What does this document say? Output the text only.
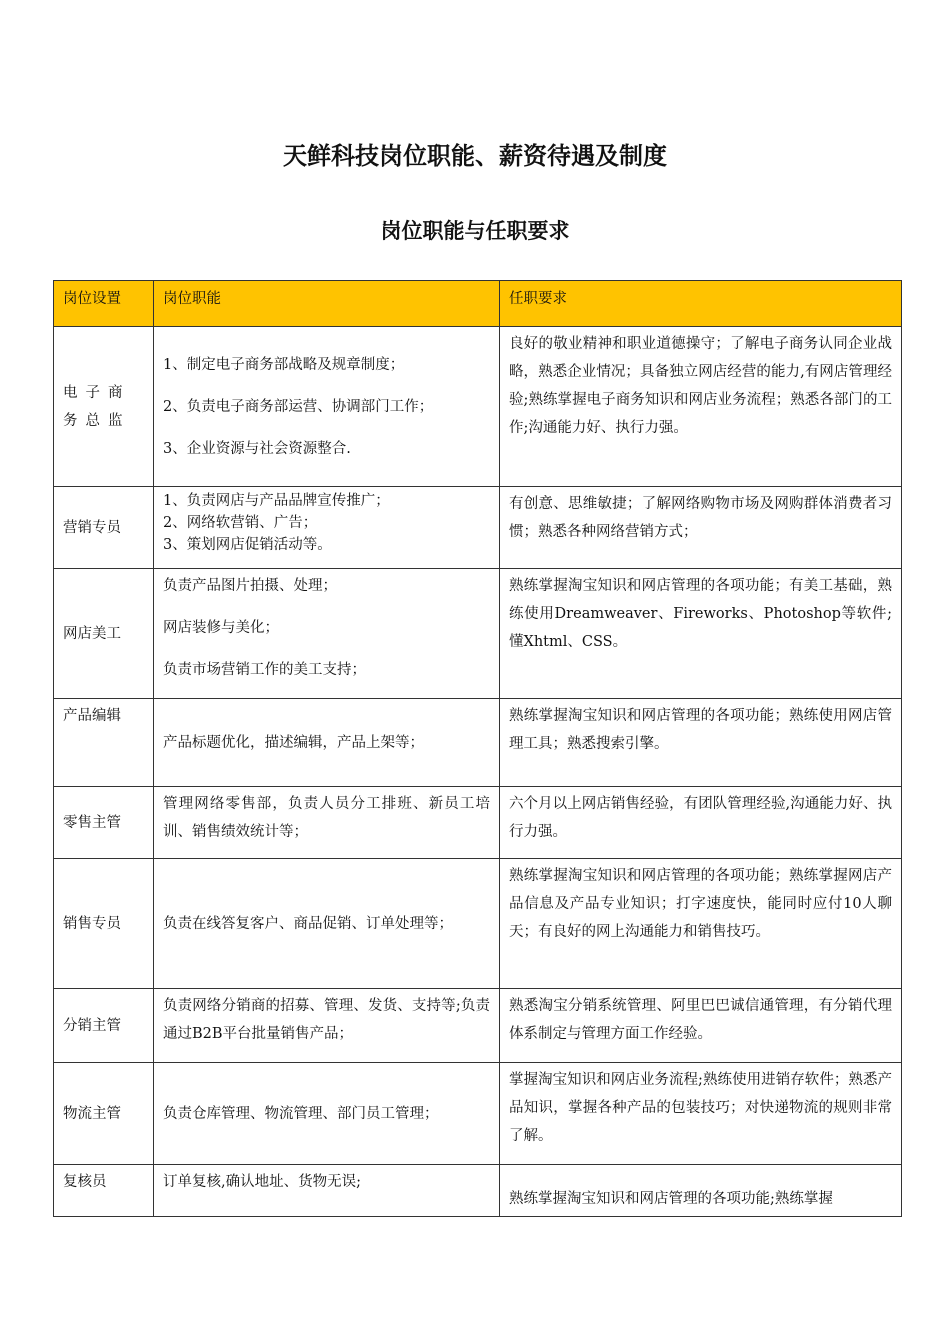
天鲜科技岗位职能、薪资待遇及制度
岗位职能与任职要求
岗位设置	岗位职能	任职要求
电子商务总监	1、制定电子商务部战略及规章制度；
2、负责电子商务部运营、协调部门工作；
3、企业资源与社会资源整合.	良好的敬业精神和职业道德操守；了解电子商务认同企业战略，熟悉企业情况；具备独立网店经营的能力,有网店管理经验;熟练掌握电子商务知识和网店业务流程；熟悉各部门的工作;沟通能力好、执行力强。
营销专员	1、负责网店与产品品牌宣传推广；
2、网络软营销、广告；
3、策划网店促销活动等。	有创意、思维敏捷；了解网络购物市场及网购群体消费者习惯；熟悉各种网络营销方式；
网店美工	负责产品图片拍摄、处理；
网店装修与美化；
负责市场营销工作的美工支持；	熟练掌握淘宝知识和网店管理的各项功能；有美工基础，熟练使用Dreamweaver、Fireworks、Photoshop等软件;懂Xhtml、CSS。
产品编辑	产品标题优化，描述编辑，产品上架等；	熟练掌握淘宝知识和网店管理的各项功能；熟练使用网店管理工具；熟悉搜索引擎。
零售主管	管理网络零售部，负责人员分工排班、新员工培训、销售绩效统计等；	六个月以上网店销售经验，有团队管理经验,沟通能力好、执行力强。
销售专员	负责在线答复客户、商品促销、订单处理等；	熟练掌握淘宝知识和网店管理的各项功能；熟练掌握网店产品信息及产品专业知识；打字速度快，能同时应付10人聊天；有良好的网上沟通能力和销售技巧。
分销主管	负责网络分销商的招募、管理、发货、支持等;负责通过B2B平台批量销售产品；	熟悉淘宝分销系统管理、阿里巴巴诚信通管理，有分销代理体系制定与管理方面工作经验。
物流主管	负责仓库管理、物流管理、部门员工管理；	掌握淘宝知识和网店业务流程;熟练使用进销存软件；熟悉产品知识，掌握各种产品的包装技巧；对快递物流的规则非常了解。
复核员	订单复核,确认地址、货物无误;	熟练掌握淘宝知识和网店管理的各项功能;熟练掌握
